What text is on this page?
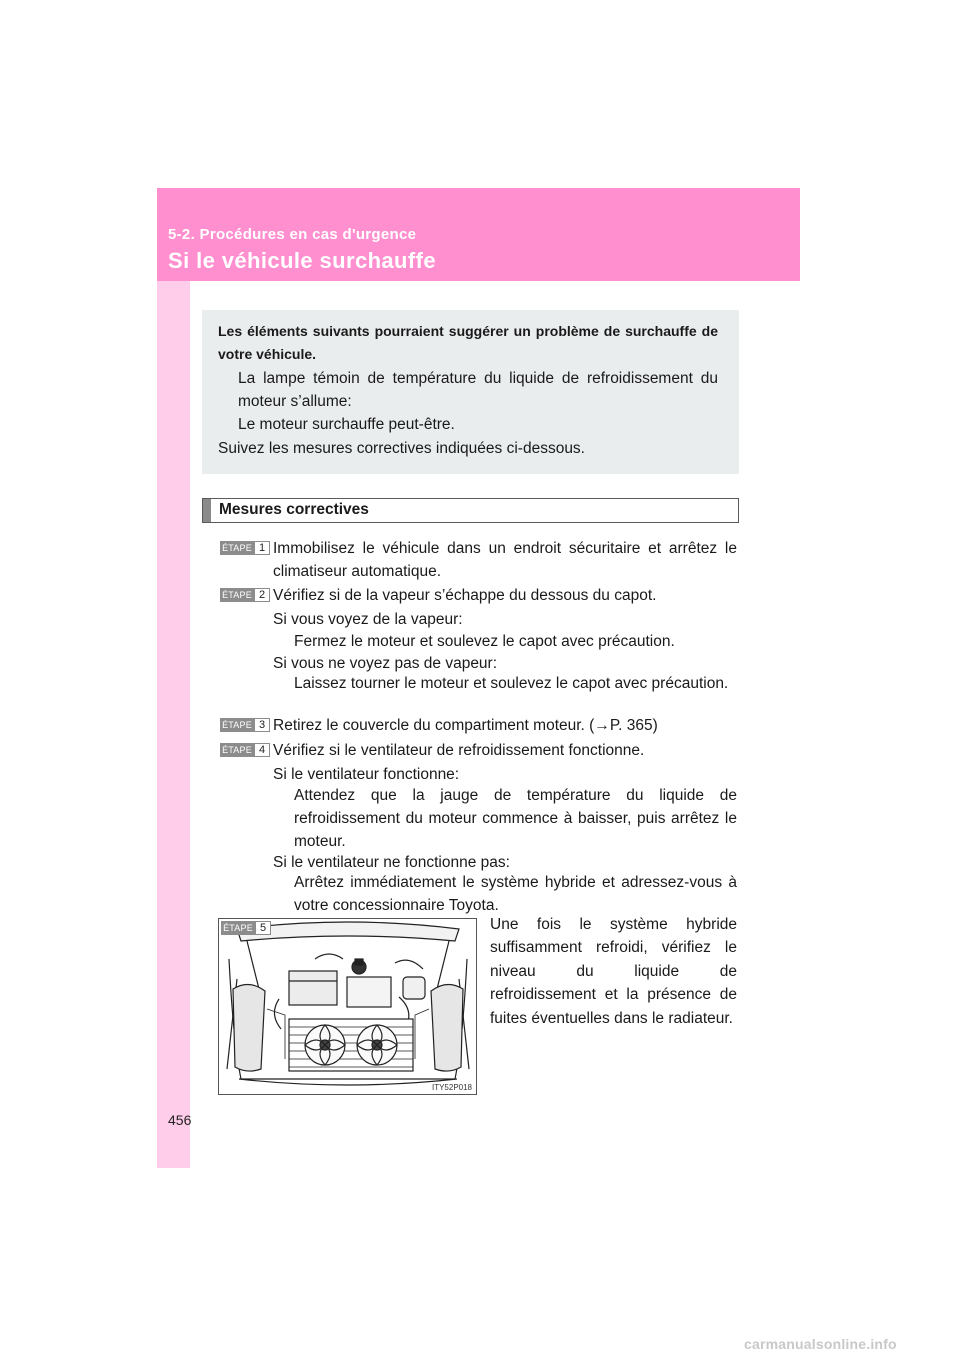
5-2. Procédures en cas d'urgence
Si le véhicule surchauffe
Les éléments suivants pourraient suggérer un problème de surchauffe de votre véhicule.
La lampe témoin de température du liquide de refroidissement du moteur s’allume:
Le moteur surchauffe peut-être.
Suivez les mesures correctives indiquées ci-dessous.
Mesures correctives
ÉTAPE 1 Immobilisez le véhicule dans un endroit sécuritaire et arrêtez le climatiseur automatique.
ÉTAPE 2 Vérifiez si de la vapeur s’échappe du dessous du capot.
Si vous voyez de la vapeur:
Fermez le moteur et soulevez le capot avec précaution.
Si vous ne voyez pas de vapeur:
Laissez tourner le moteur et soulevez le capot avec précaution.
ÉTAPE 3 Retirez le couvercle du compartiment moteur. (→P. 365)
ÉTAPE 4 Vérifiez si le ventilateur de refroidissement fonctionne.
Si le ventilateur fonctionne:
Attendez que la jauge de température du liquide de refroidissement du moteur commence à baisser, puis arrêtez le moteur.
Si le ventilateur ne fonctionne pas:
Arrêtez immédiatement le système hybride et adressez-vous à votre concessionnaire Toyota.
ÉTAPE 5
ITY52P018
Une fois le système hybride suffisamment refroidi, vérifiez le niveau du liquide de refroidissement et la présence de fuites éventuelles dans le radiateur.
456
carmanualsonline.info
